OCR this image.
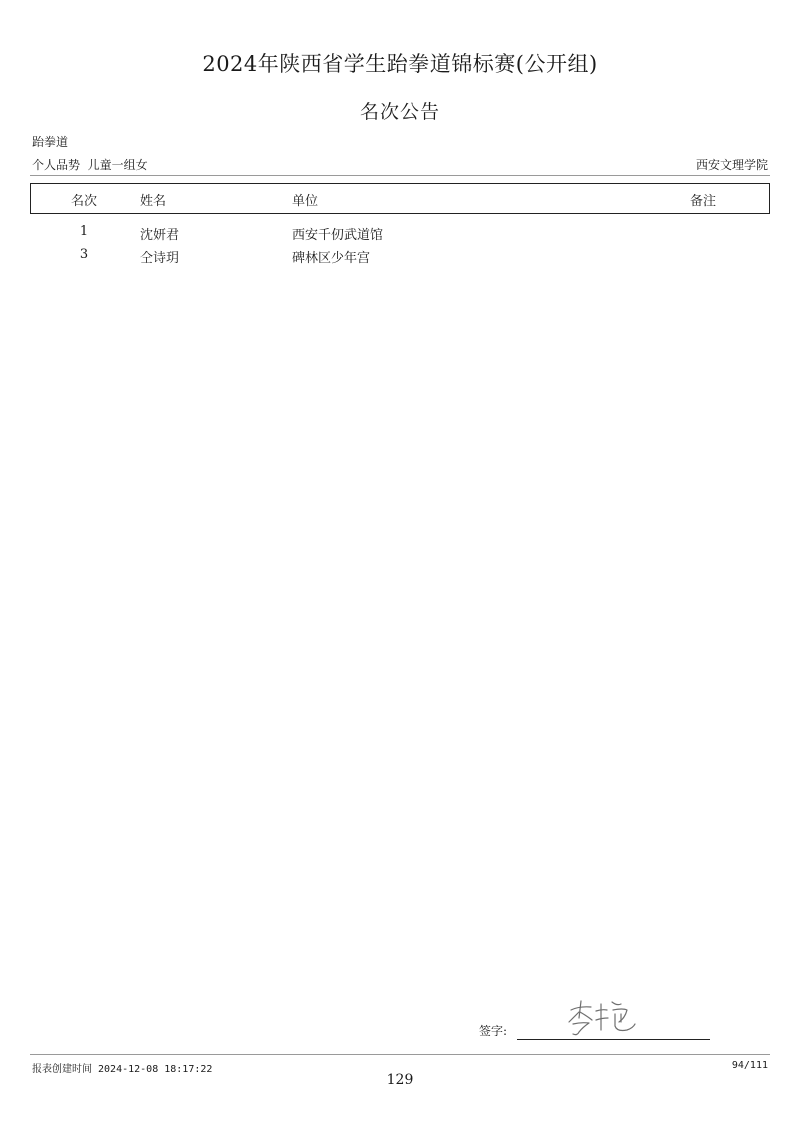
2024年陕西省学生跆拳道锦标赛(公开组)
名次公告
跆拳道
个人品势  儿童一组女	西安文理学院
名次	姓名	单位	备注
1	沈妍君	西安千仞武道馆
3	仝诗玥	碑林区少年宫
签字:
报表创建时间 2024-12-08 18:17:22	94/111
129
